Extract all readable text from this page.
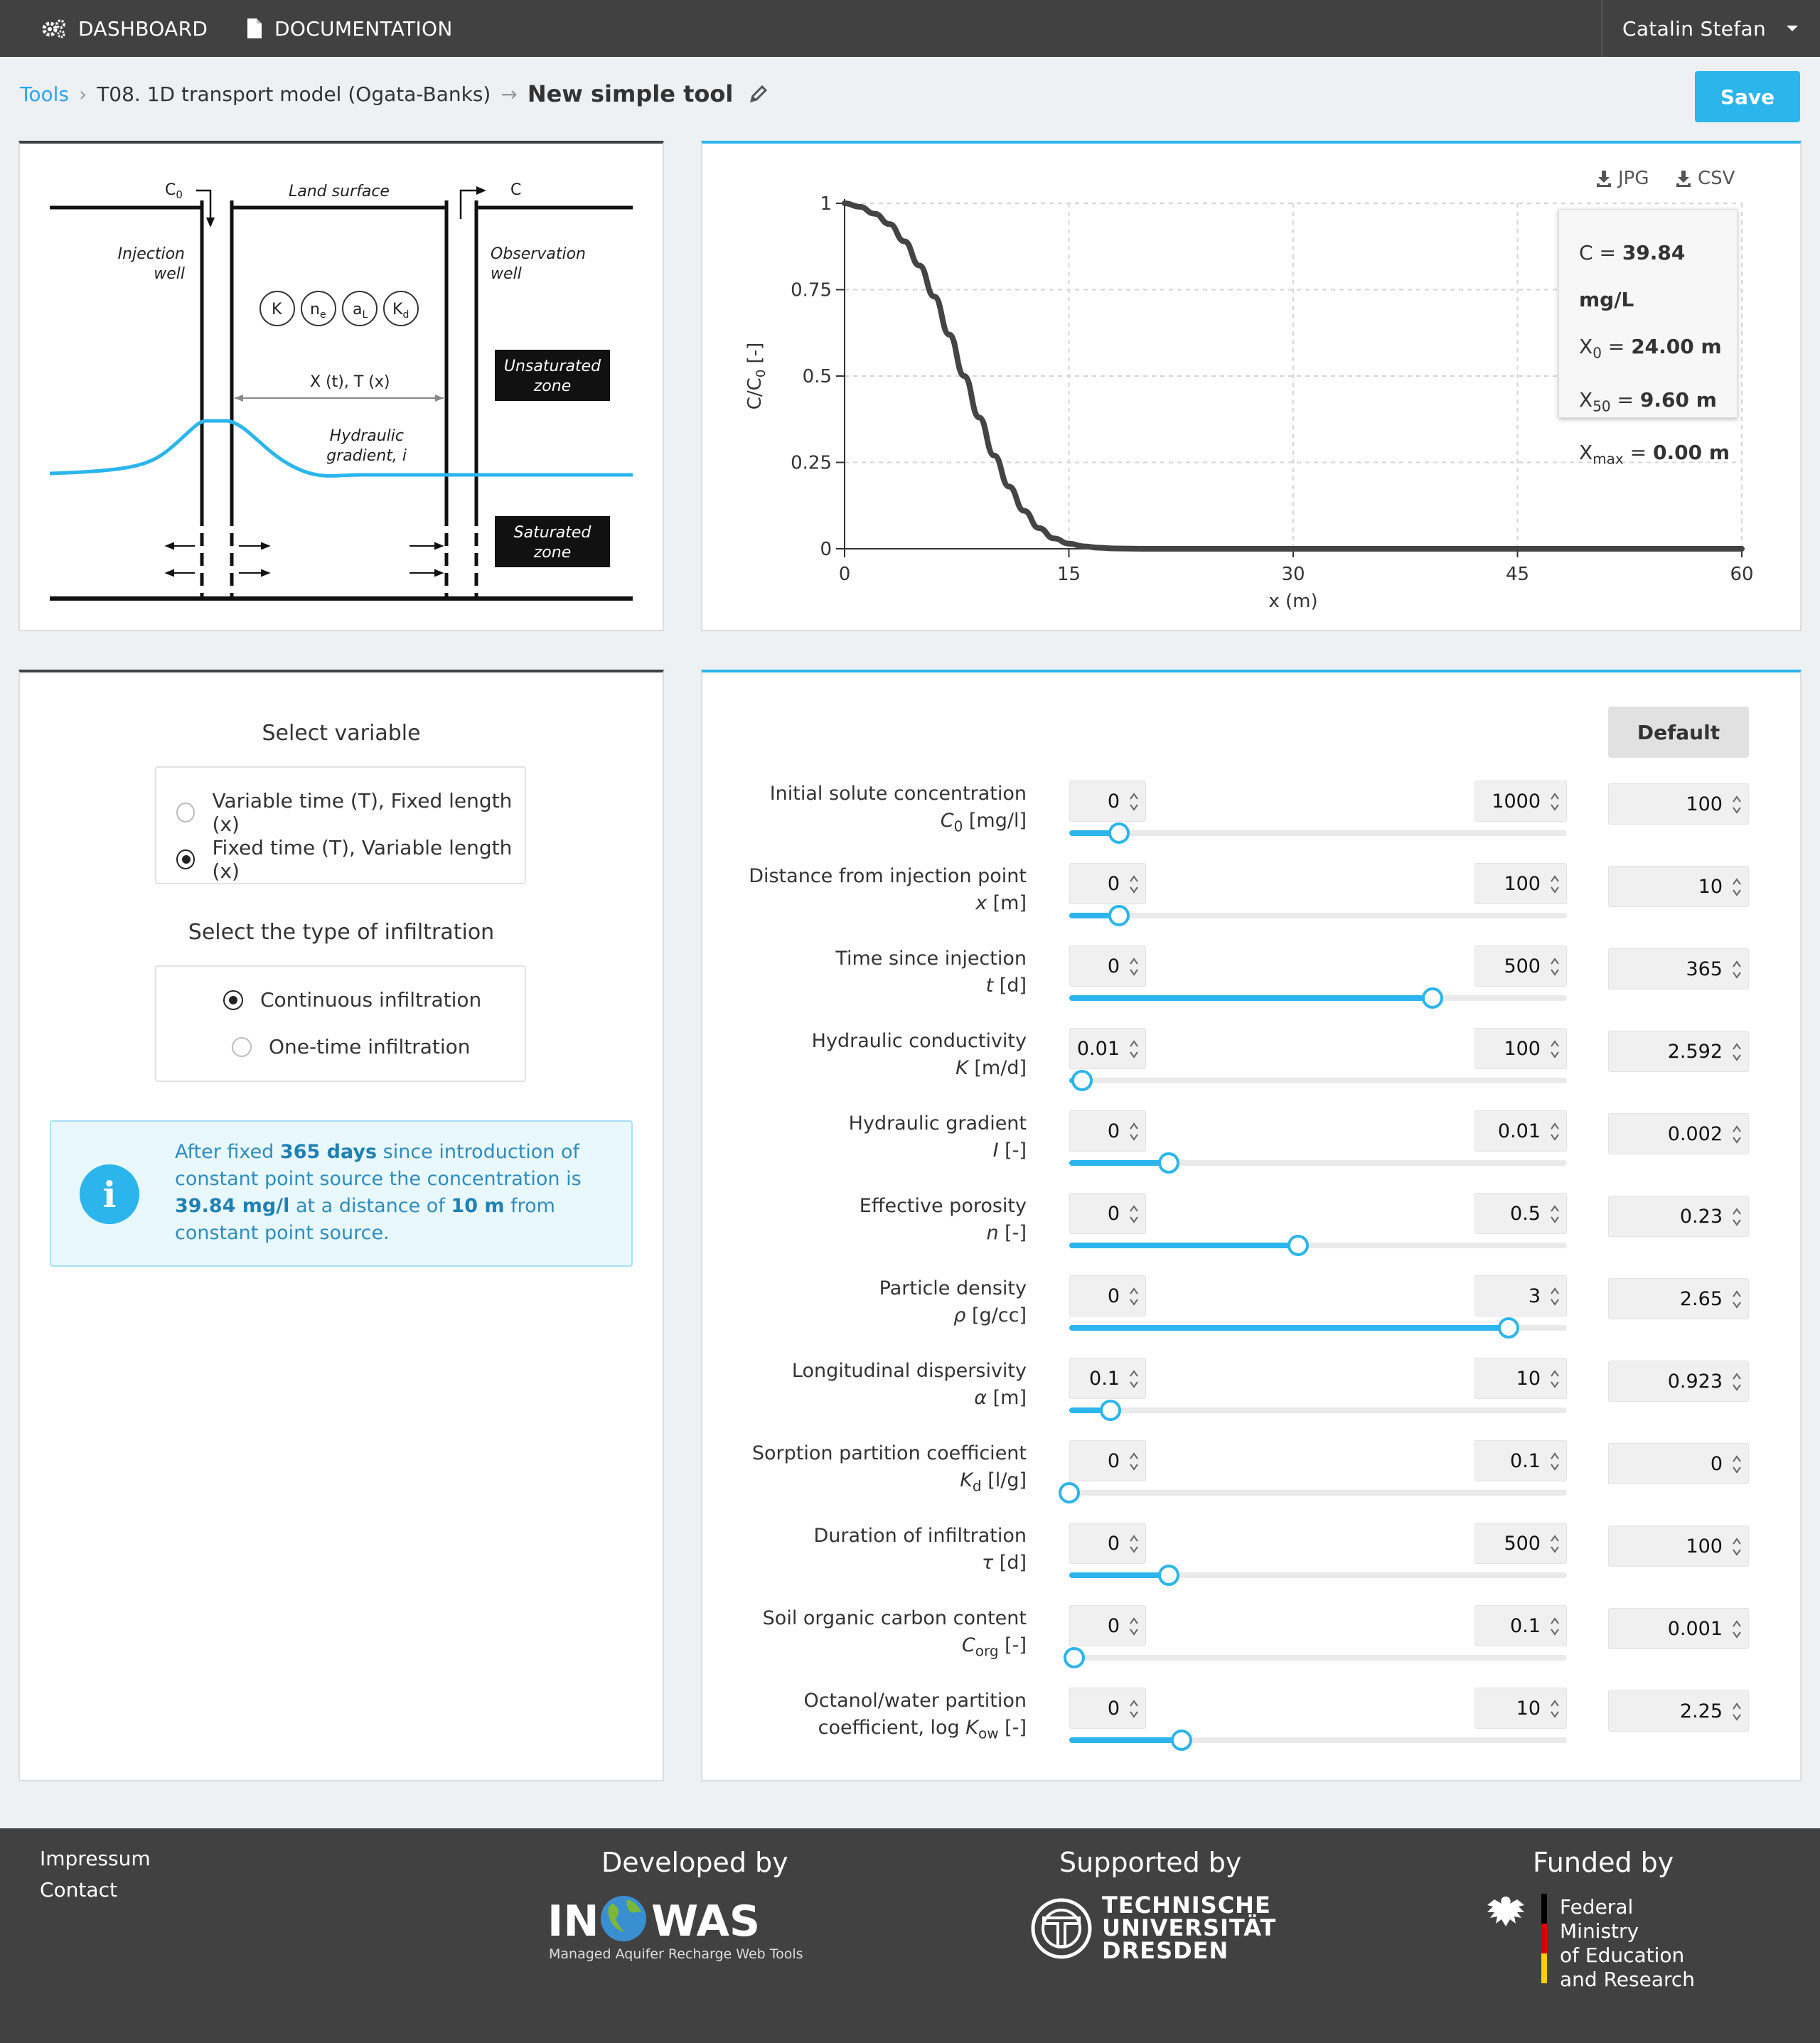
DASHBOARD	DOCUMENTATION	Catalin Stefan
Tools › T08. 1D transport model (Ogata-Banks) → New simple tool	Save
$C_0$	Land surface	C
Injection
well
Observation
well
K $n_e$ $a_L$ $K_d$
X (t), T (x)
Unsaturated
zone
Hydraulic
gradient, i
Saturated
zone
JPG	CSV
0	15	30	45	60
0
0.25
0.5
0.75
1
x (m)
$C/C_0$ [-]
C = 39.84 mg/L
$X_0 = 24.00$ m
$X_{50} = 9.60$ m
$X_{max} = 0.00$ m
Select variable
Variable time (T), Fixed length (x)
Fixed time (T), Variable length (x)
Select the type of infiltration
Continuous infiltration
One-time infiltration
i
After fixed 365 days since introduction of constant point source the concentration is 39.84 mg/l at a distance of 10 m from constant point source.
Default
Initial solute concentration
$C_0$ [mg/l]
0	1000	100
Distance from injection point
x [m]
0	100	10
Time since injection
t [d]
0	500	365
Hydraulic conductivity
K [m/d]
0.01	100	2.592
Hydraulic gradient
I [-]
0	0.01	0.002
Effective porosity
n [-]
0	0.5	0.23
Particle density
ρ [g/cc]
0	3	2.65
Longitudinal dispersivity
α [m]
0.1	10	0.923
Sorption partition coefficient
$K_d$ [l/g]
0	0.1	0
Duration of infiltration
τ [d]
0	500	100
Soil organic carbon content
$C_{org}$ [-]
0	0.1	0.001
Octanol/water partition
coefficient, $\log K_{ow}$ [-]
0	10	2.25
Impressum
Contact
Developed by	Supported by	Funded by
IN WAS
Managed Aquifer Recharge Web Tools
TECHNISCHE
UNIVERSITÄT
DRESDEN
Federal Ministry
of Education
and Research
